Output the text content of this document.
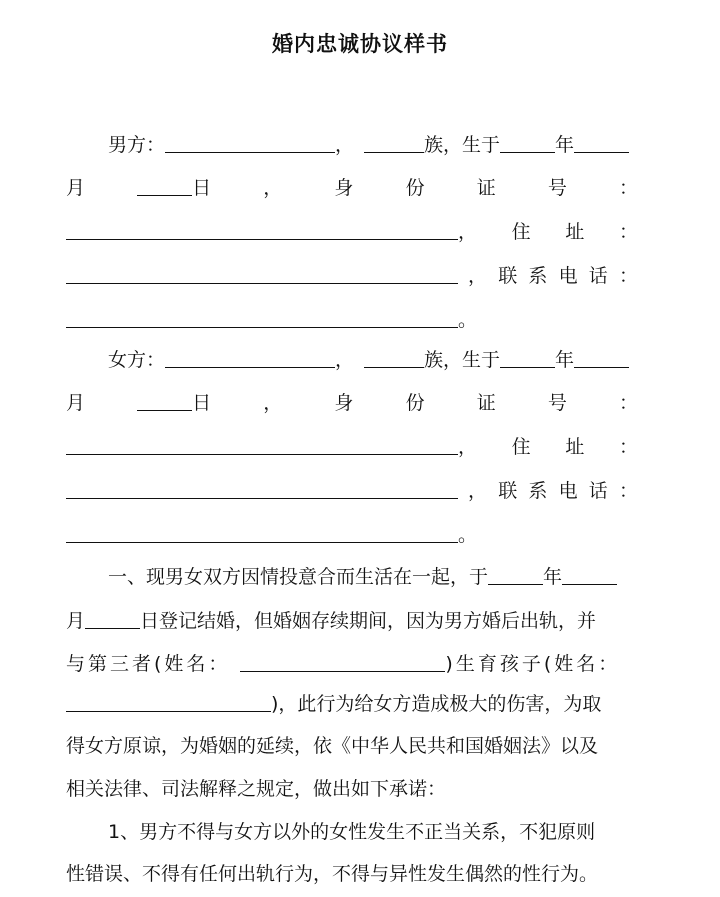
婚内忠诚协议样书
男方：	，	族，生于	年
月	日	，	身	份	证	号	：
， 住 址 ：
， 联 系 电 话 ：
。
女方：	，	族，生于	年
月	日	，	身	份	证	号	：
， 住 址 ：
， 联 系 电 话 ：
。
一、现男女双方因情投意合而生活在一起，于	年
月	日登记结婚，但婚姻存续期间，因为男方婚后出轨，并
与第三者(姓名：	)生育孩子(姓名：
)，此行为给女方造成极大的伤害，为取
得女方原谅，为婚姻的延续，依《中华人民共和国婚姻法》以及
相关法律、司法解释之规定，做出如下承诺：
1、男方不得与女方以外的女性发生不正当关系，不犯原则
性错误、不得有任何出轨行为，不得与异性发生偶然的性行为。
